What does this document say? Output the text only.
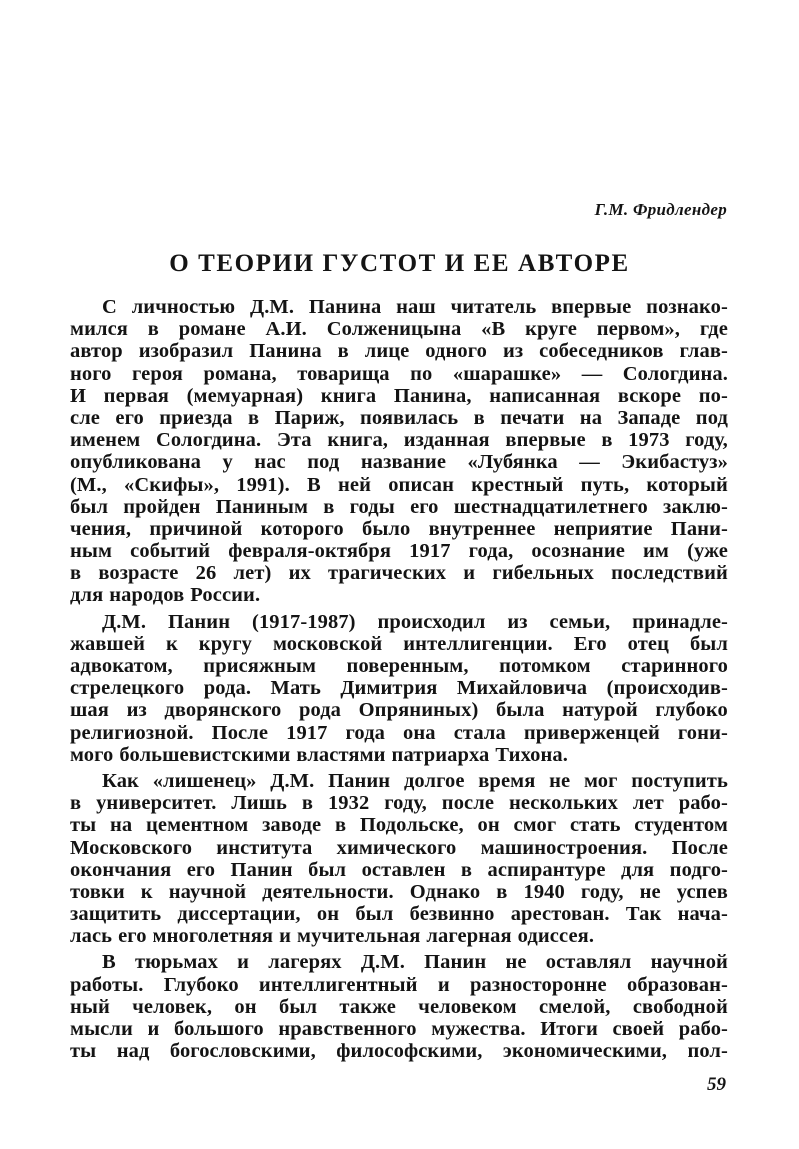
Г.М. Фридлендер
О ТЕОРИИ ГУСТОТ И ЕЕ АВТОРЕ
С личностью Д.М. Панина наш читатель впервые познако-
мился в романе А.И. Солженицына «В круге первом», где
автор изобразил Панина в лице одного из собеседников глав-
ного героя романа, товарища по «шарашке» — Сологдина.
И первая (мемуарная) книга Панина, написанная вскоре по-
сле его приезда в Париж, появилась в печати на Западе под
именем Сологдина. Эта книга, изданная впервые в 1973 году,
опубликована у нас под название «Лубянка — Экибастуз»
(М., «Скифы», 1991). В ней описан крестный путь, который
был пройден Паниным в годы его шестнадцатилетнего заклю-
чения, причиной которого было внутреннее неприятие Пани-
ным событий февраля-октября 1917 года, осознание им (уже
в возрасте 26 лет) их трагических и гибельных последствий
для народов России.
Д.М. Панин (1917-1987) происходил из семьи, принадле-
жавшей к кругу московской интеллигенции. Его отец был
адвокатом, присяжным поверенным, потомком старинного
стрелецкого рода. Мать Димитрия Михайловича (происходив-
шая из дворянского рода Опряниных) была натурой глубоко
религиозной. После 1917 года она стала приверженцей гони-
мого большевистскими властями патриарха Тихона.
Как «лишенец» Д.М. Панин долгое время не мог поступить
в университет. Лишь в 1932 году, после нескольких лет рабо-
ты на цементном заводе в Подольске, он смог стать студентом
Московского института химического машиностроения. После
окончания его Панин был оставлен в аспирантуре для подго-
товки к научной деятельности. Однако в 1940 году, не успев
защитить диссертации, он был безвинно арестован. Так нача-
лась его многолетняя и мучительная лагерная одиссея.
В тюрьмах и лагерях Д.М. Панин не оставлял научной
работы. Глубоко интеллигентный и разносторонне образован-
ный человек, он был также человеком смелой, свободной
мысли и большого нравственного мужества. Итоги своей рабо-
ты над богословскими, философскими, экономическими, пол-
59
